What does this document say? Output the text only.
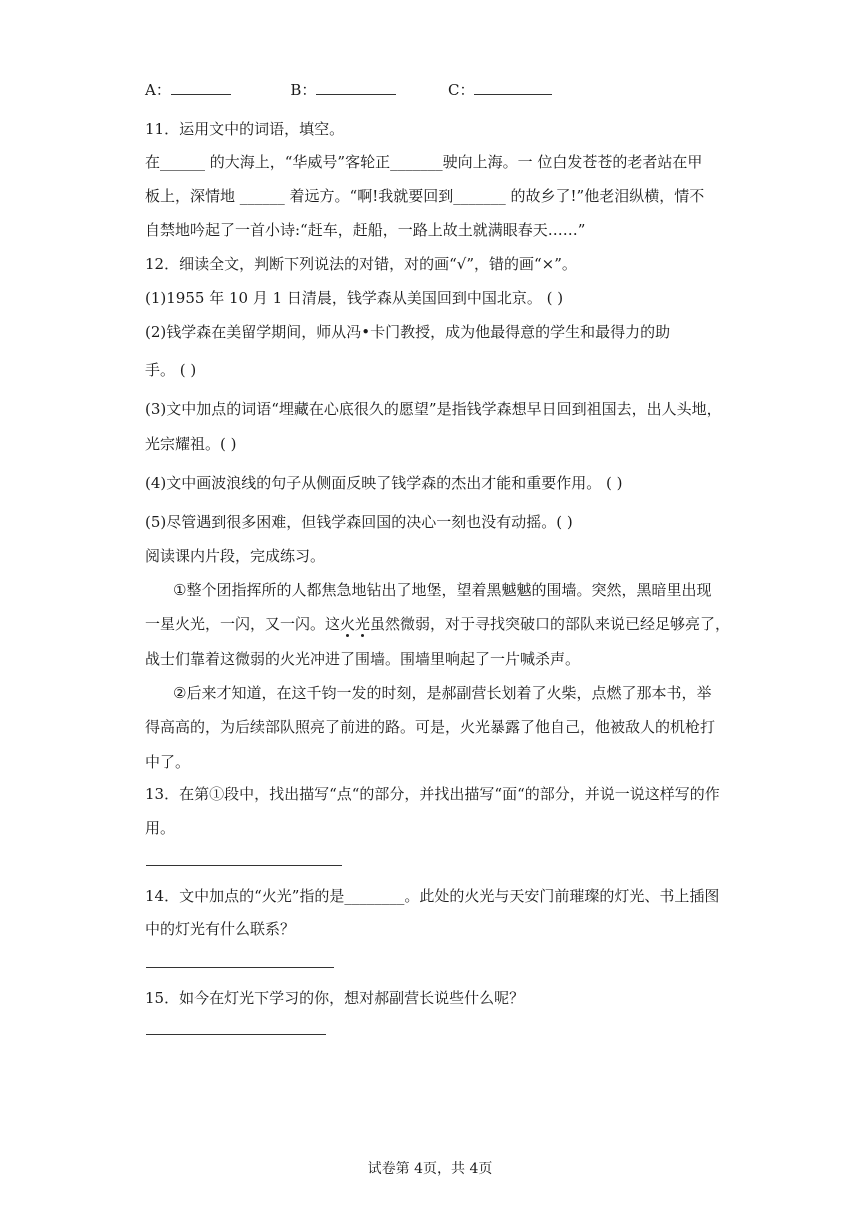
A：	B：	C：
11．运用文中的词语，填空。
在______ 的大海上，“华威号”客轮正_______驶向上海。一 位白发苍苍的老者站在甲
板上，深情地 ______ 着远方。“啊!我就要回到_______ 的故乡了!”他老泪纵横，情不
自禁地吟起了一首小诗:“赶车，赶船，一路上故土就满眼春天……”
12．细读全文，判断下列说法的对错，对的画“√”，错的画“×”。
(1)1955 年 10 月 1 日清晨，钱学森从美国回到中国北京。 ( )
(2)钱学森在美留学期间，师从冯•卡门教授，成为他最得意的学生和最得力的助
手。 ( )
(3)文中加点的词语“埋藏在心底很久的愿望”是指钱学森想早日回到祖国去，出人头地，
光宗耀祖。( )
(4)文中画波浪线的句子从侧面反映了钱学森的杰出才能和重要作用。 ( )
(5)尽管遇到很多困难，但钱学森回国的决心一刻也没有动摇。( )
阅读课内片段，完成练习。
①整个团指挥所的人都焦急地钻出了地堡，望着黑魆魆的围墙。突然，黑暗里出现
一星火光，一闪，又一闪。这火光虽然微弱，对于寻找突破口的部队来说已经足够亮了，
战士们靠着这微弱的火光冲进了围墙。围墙里响起了一片喊杀声。
②后来才知道，在这千钧一发的时刻，是郝副营长划着了火柴，点燃了那本书，举
得高高的，为后续部队照亮了前进的路。可是，火光暴露了他自己，他被敌人的机枪打
中了。
13．在第①段中，找出描写“点“的部分，并找出描写“面“的部分，并说一说这样写的作
用。
14．文中加点的“火光”指的是________。此处的火光与天安门前璀璨的灯光、书上插图
中的灯光有什么联系？
15．如今在灯光下学习的你，想对郝副营长说些什么呢？
试卷第 4页，共 4页
